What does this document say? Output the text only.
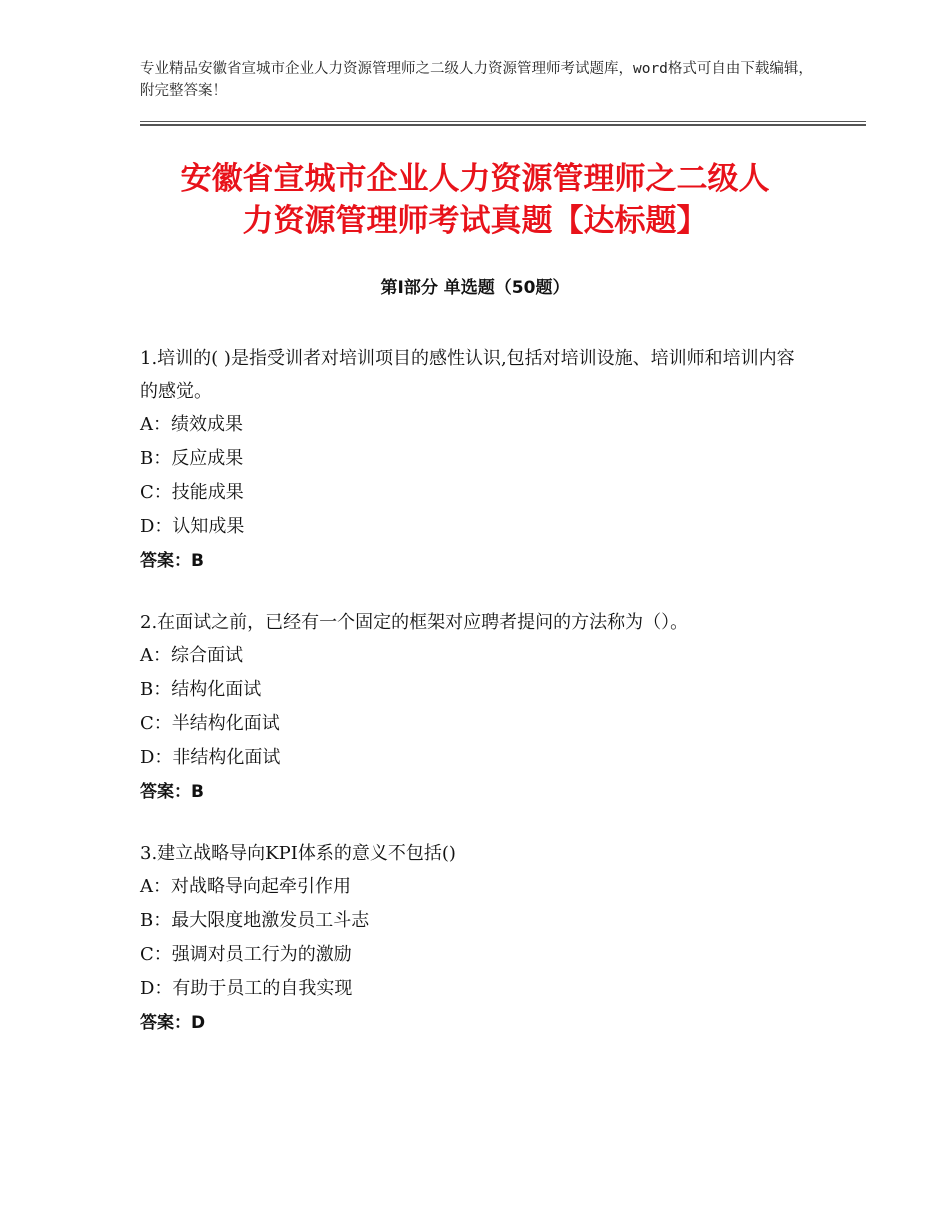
专业精品安徽省宣城市企业人力资源管理师之二级人力资源管理师考试题库，word格式可自由下载编辑，附完整答案！
安徽省宣城市企业人力资源管理师之二级人
力资源管理师考试真题【达标题】
第Ⅰ部分 单选题（50题）

1.培训的( )是指受训者对培训项目的感性认识,包括对培训设施、培训师和培训内容的感觉。

A：绩效成果

B：反应成果

C：技能成果

D：认知成果

答案：B

2.在面试之前，已经有一个固定的框架对应聘者提问的方法称为（）。

A：综合面试

B：结构化面试

C：半结构化面试

D：非结构化面试

答案：B

3.建立战略导向KPI体系的意义不包括()

A：对战略导向起牵引作用

B：最大限度地激发员工斗志

C：强调对员工行为的激励

D：有助于员工的自我实现

答案：D
